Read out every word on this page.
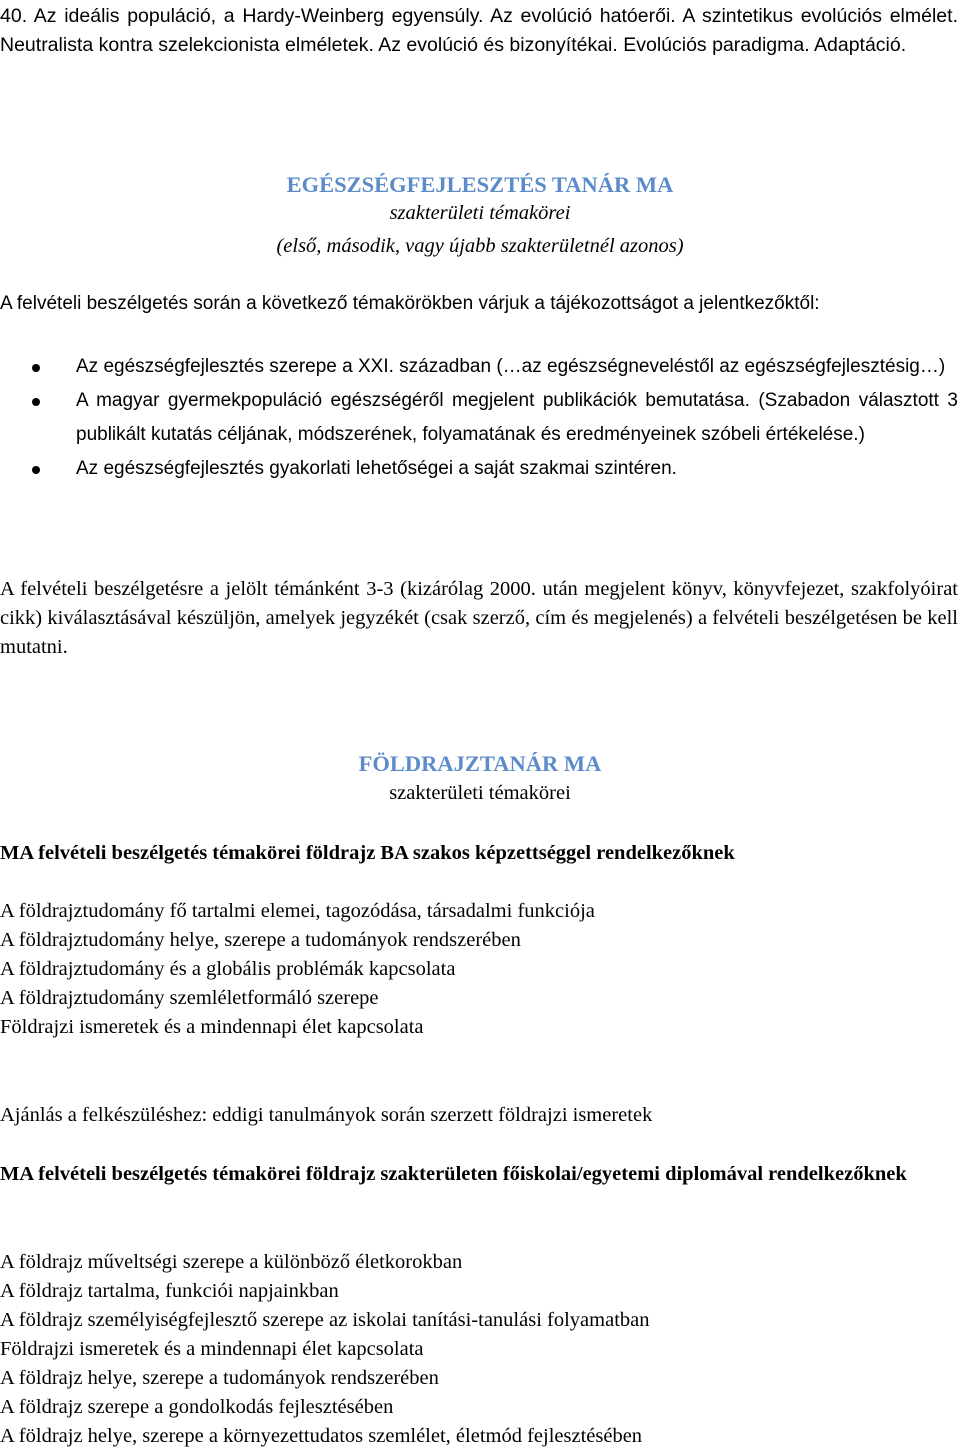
40. Az ideális populáció, a Hardy-Weinberg egyensúly. Az evolúció hatóerői. A szintetikus evolúciós elmélet. Neutralista kontra szelekcionista elméletek. Az evolúció és bizonyítékai. Evolúciós paradigma. Adaptáció.
EGÉSZSÉGFEJLESZTÉS TANÁR MA
szakterületi témakörei
(első, második, vagy újabb szakterületnél azonos)
A felvételi beszélgetés során a következő témakörökben várjuk a tájékozottságot a jelentkezőktől:
Az egészségfejlesztés szerepe a XXI. században (…az egészségneveléstől az egészségfejlesztésig…)
A magyar gyermekpopuláció egészségéről megjelent publikációk bemutatása. (Szabadon választott 3 publikált kutatás céljának, módszerének, folyamatának és eredményeinek szóbeli értékelése.)
Az egészségfejlesztés gyakorlati lehetőségei a saját szakmai szintéren.
A felvételi beszélgetésre a jelölt témánként 3-3 (kizárólag 2000. után megjelent könyv, könyvfejezet, szakfolyóirat cikk) kiválasztásával készüljön, amelyek jegyzékét (csak szerző, cím és megjelenés) a felvételi beszélgetésen be kell mutatni.
FÖLDRAJZTANÁR MA
szakterületi témakörei
MA felvételi beszélgetés témakörei földrajz BA szakos képzettséggel rendelkezőknek
A földrajztudomány fő tartalmi elemei, tagozódása, társadalmi funkciója
A földrajztudomány helye, szerepe a tudományok rendszerében
A földrajztudomány és a globális problémák kapcsolata
A földrajztudomány szemléletformáló szerepe
Földrajzi ismeretek és a mindennapi élet kapcsolata
Ajánlás a felkészüléshez: eddigi tanulmányok során szerzett földrajzi ismeretek
MA felvételi beszélgetés témakörei földrajz szakterületen főiskolai/egyetemi diplomával rendelkezőknek
A földrajz műveltségi szerepe a különböző életkorokban
A földrajz tartalma, funkciói napjainkban
A földrajz személyiségfejlesztő szerepe az iskolai tanítási-tanulási folyamatban
Földrajzi ismeretek és a mindennapi élet kapcsolata
A földrajz helye, szerepe a tudományok rendszerében
A földrajz szerepe a gondolkodás fejlesztésében
A földrajz helye, szerepe a környezettudatos szemlélet, életmód fejlesztésében
